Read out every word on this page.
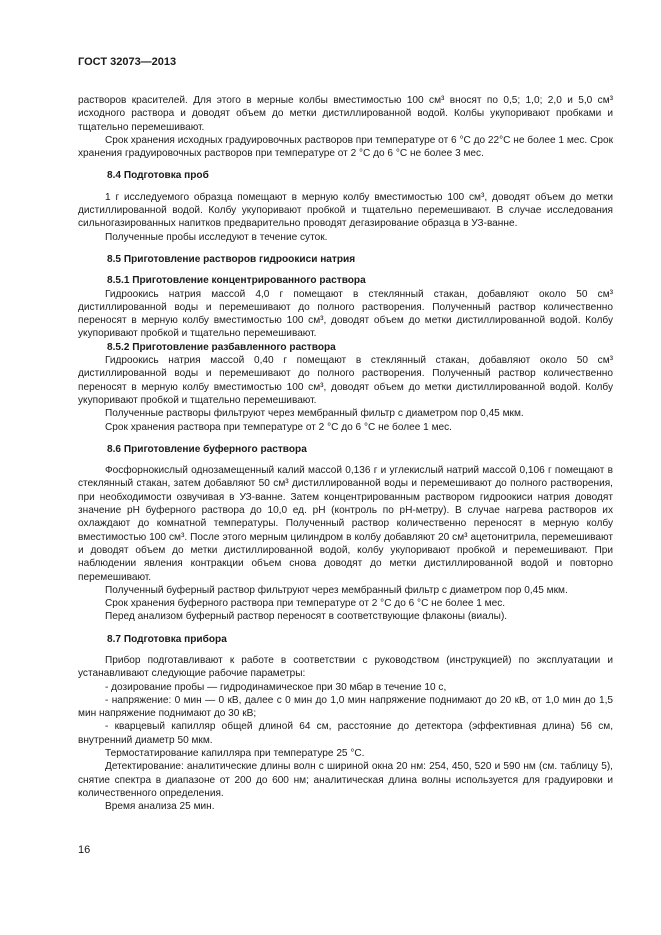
ГОСТ 32073—2013

растворов красителей. Для этого в мерные колбы вместимостью 100 см³ вносят по 0,5; 1,0; 2,0 и 5,0 см³ исходного раствора и доводят объем до метки дистиллированной водой. Колбы укупоривают пробками и тщательно перемешивают.

Срок хранения исходных градуировочных растворов при температуре от 6 °С до 22°С не более 1 мес. Срок хранения градуировочных растворов при температуре от 2 °С до 6 °С не более 3 мес.

8.4 Подготовка проб

1 г исследуемого образца помещают в мерную колбу вместимостью 100 см³, доводят объем до метки дистиллированной водой. Колбу укупоривают пробкой и тщательно перемешивают. В случае исследования сильногазированных напитков предварительно проводят дегазирование образца в УЗ-ванне.

Полученные пробы исследуют в течение суток.

8.5 Приготовление растворов гидроокиси натрия
8.5.1 Приготовление концентрированного раствора

Гидроокись натрия массой 4,0 г помещают в стеклянный стакан, добавляют около 50 см³ дистиллированной воды и перемешивают до полного растворения. Полученный раствор количественно переносят в мерную колбу вместимостью 100 см³, доводят объем до метки дистиллированной водой. Колбу укупоривают пробкой и тщательно перемешивают.

8.5.2 Приготовление разбавленного раствора

Гидроокись натрия массой 0,40 г помещают в стеклянный стакан, добавляют около 50 см³ дистиллированной воды и перемешивают до полного растворения. Полученный раствор количественно переносят в мерную колбу вместимостью 100 см³, доводят объем до метки дистиллированной водой. Колбу укупоривают пробкой и тщательно перемешивают.

Полученные растворы фильтруют через мембранный фильтр с диаметром пор 0,45 мкм.

Срок хранения раствора при температуре от 2 °С до 6 °С не более 1 мес.

8.6 Приготовление буферного раствора

Фосфорнокислый однозамещенный калий массой 0,136 г и углекислый натрий массой 0,106 г помещают в стеклянный стакан, затем добавляют 50 см³ дистиллированной воды и перемешивают до полного растворения, при необходимости озвучивая в УЗ-ванне. Затем концентрированным раствором гидроокиси натрия доводят значение рН буферного раствора до 10,0 ед. рН (контроль по рН-метру). В случае нагрева растворов их охлаждают до комнатной температуры. Полученный раствор количественно переносят в мерную колбу вместимостью 100 см³. После этого мерным цилиндром в колбу добавляют 20 см³ ацетонитрила, перемешивают и доводят объем до метки дистиллированной водой, колбу укупоривают пробкой и перемешивают. При наблюдении явления контракции объем снова доводят до метки дистиллированной водой и повторно перемешивают.

Полученный буферный раствор фильтруют через мембранный фильтр с диаметром пор 0,45 мкм.

Срок хранения буферного раствора при температуре от 2 °С до 6 °С не более 1 мес.

Перед анализом буферный раствор переносят в соответствующие флаконы (виалы).

8.7 Подготовка прибора

Прибор подготавливают к работе в соответствии с руководством (инструкцией) по эксплуатации и устанавливают следующие рабочие параметры:

- дозирование пробы — гидродинамическое при 30 мбар в течение 10 с,

- напряжение: 0 мин — 0 кВ, далее с 0 мин до 1,0 мин напряжение поднимают до 20 кВ, от 1,0 мин до 1,5 мин напряжение поднимают до 30 кВ;

- кварцевый капилляр общей длиной 64 см, расстояние до детектора (эффективная длина) 56 см, внутренний диаметр 50 мкм.

Термостатирование капилляра при температуре 25 °С.

Детектирование: аналитические длины волн с шириной окна 20 нм: 254, 450, 520 и 590 нм (см. таблицу 5), снятие спектра в диапазоне от 200 до 600 нм; аналитическая длина волны используется для градуировки и количественного определения.

Время анализа 25 мин.

16
